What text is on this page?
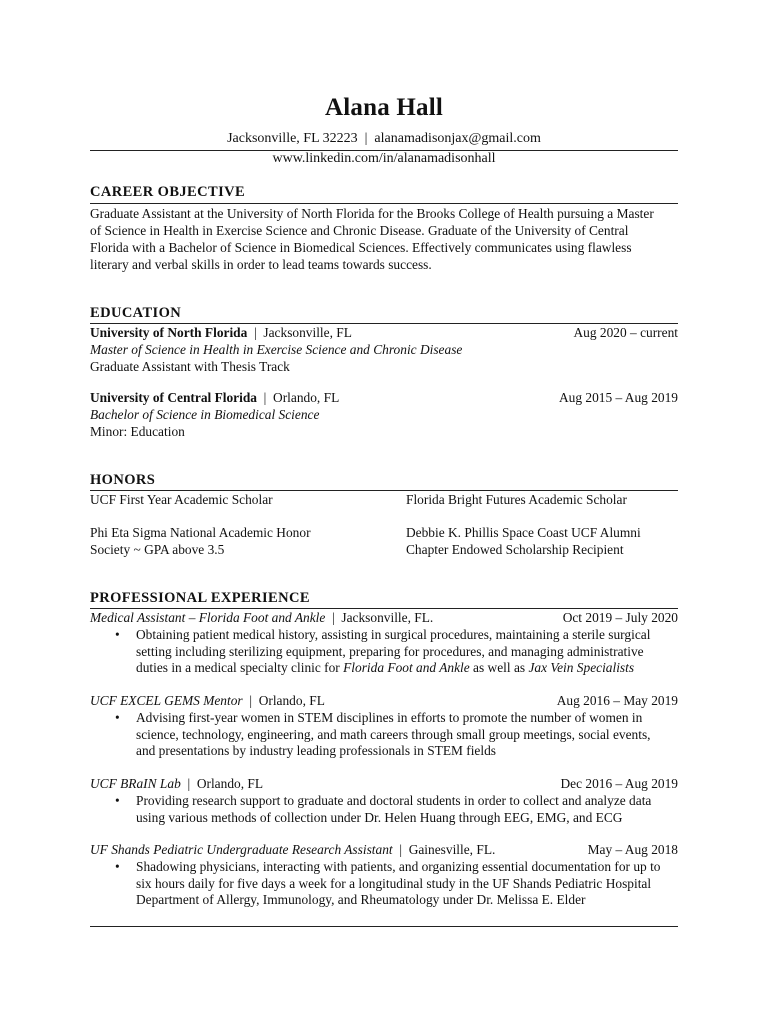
Alana Hall
Jacksonville, FL 32223  |  alanamadisonjax@gmail.com
www.linkedin.com/in/alanamadisonhall
CAREER OBJECTIVE
Graduate Assistant at the University of North Florida for the Brooks College of Health pursuing a Master
of Science in Health in Exercise Science and Chronic Disease. Graduate of the University of Central
Florida with a Bachelor of Science in Biomedical Sciences. Effectively communicates using flawless
literary and verbal skills in order to lead teams towards success.
EDUCATION
University of North Florida  |  Jacksonville, FL	Aug 2020 – current
Master of Science in Health in Exercise Science and Chronic Disease
Graduate Assistant with Thesis Track
University of Central Florida  |  Orlando, FL	Aug 2015 – Aug 2019
Bachelor of Science in Biomedical Science
Minor: Education
HONORS
UCF First Year Academic Scholar	Florida Bright Futures Academic Scholar
Phi Eta Sigma National Academic Honor	Debbie K. Phillis Space Coast UCF Alumni
Society ~ GPA above 3.5	Chapter Endowed Scholarship Recipient
PROFESSIONAL EXPERIENCE
Medical Assistant – Florida Foot and Ankle  |  Jacksonville, FL.	Oct 2019 – July 2020
• Obtaining patient medical history, assisting in surgical procedures, maintaining a sterile surgical
setting including sterilizing equipment, preparing for procedures, and managing administrative
duties in a medical specialty clinic for Florida Foot and Ankle as well as Jax Vein Specialists
UCF EXCEL GEMS Mentor  |  Orlando, FL	Aug 2016 – May 2019
• Advising first-year women in STEM disciplines in efforts to promote the number of women in
science, technology, engineering, and math careers through small group meetings, social events,
and presentations by industry leading professionals in STEM fields
UCF BRaIN Lab  |  Orlando, FL	Dec 2016 – Aug 2019
• Providing research support to graduate and doctoral students in order to collect and analyze data
using various methods of collection under Dr. Helen Huang through EEG, EMG, and ECG
UF Shands Pediatric Undergraduate Research Assistant  |  Gainesville, FL.	May – Aug 2018
• Shadowing physicians, interacting with patients, and organizing essential documentation for up to
six hours daily for five days a week for a longitudinal study in the UF Shands Pediatric Hospital
Department of Allergy, Immunology, and Rheumatology under Dr. Melissa E. Elder
